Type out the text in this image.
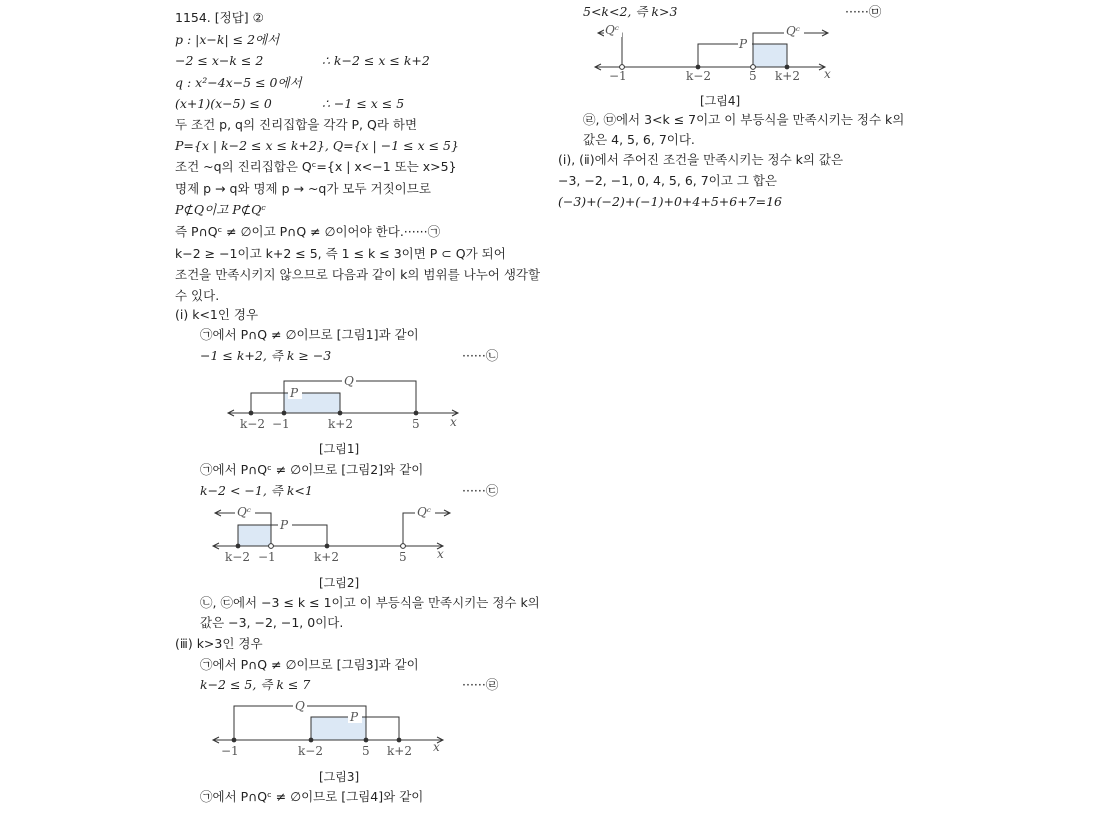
1154. [정답] ②
p : |x−k| ≤ 2에서
−2 ≤ x−k ≤ 2	∴ k−2 ≤ x ≤ k+2
q : x²−4x−5 ≤ 0에서
(x+1)(x−5) ≤ 0	∴ −1 ≤ x ≤ 5
두 조건 p, q의 진리집합을 각각 P, Q라 하면
P={x | k−2 ≤ x ≤ k+2}, Q={x | −1 ≤ x ≤ 5}
조건 ~q의 진리집합은 Qᶜ={x | x<−1 또는 x>5}
명제 p → q와 명제 p → ~q가 모두 거짓이므로
P⊄Q이고 P⊄Qᶜ
즉 P∩Qᶜ ≠ ∅이고 P∩Q ≠ ∅이어야 한다.······㉠
k−2 ≥ −1이고 k+2 ≤ 5, 즉 1 ≤ k ≤ 3이면 P ⊂ Q가 되어
조건을 만족시키지 않으므로 다음과 같이 k의 범위를 나누어 생각할
수 있다.
(ⅰ) k<1인 경우
㉠에서 P∩Q ≠ ∅이므로 [그림1]과 같이
−1 ≤ k+2, 즉 k ≥ −3	······㉡
Q
P
k−2 −1	k+2	5	x
[그림1]
㉠에서 P∩Qᶜ ≠ ∅이므로 [그림2]와 같이
k−2 < −1, 즉 k<1	······㉢
Qᶜ
P
Qᶜ
k−2 −1	k+2	5	x
[그림2]
㉡, ㉢에서 −3 ≤ k ≤ 1이고 이 부등식을 만족시키는 정수 k의
값은 −3, −2, −1, 0이다.
(ⅲ) k>3인 경우
㉠에서 P∩Q ≠ ∅이므로 [그림3]과 같이
k−2 ≤ 5, 즉 k ≤ 7	······㉣
Q
P
−1	k−2	5 k+2 x
[그림3]
㉠에서 P∩Qᶜ ≠ ∅이므로 [그림4]와 같이
5<k<2, 즉 k>3	······㉤
Qᶜ
P
Qᶜ
−1	k−2	5 k+2 x
[그림4]
㉣, ㉤에서 3<k ≤ 7이고 이 부등식을 만족시키는 정수 k의
값은 4, 5, 6, 7이다.
(ⅰ), (ⅱ)에서 주어진 조건을 만족시키는 정수 k의 값은
−3, −2, −1, 0, 4, 5, 6, 7이고 그 합은
(−3)+(−2)+(−1)+0+4+5+6+7=16
